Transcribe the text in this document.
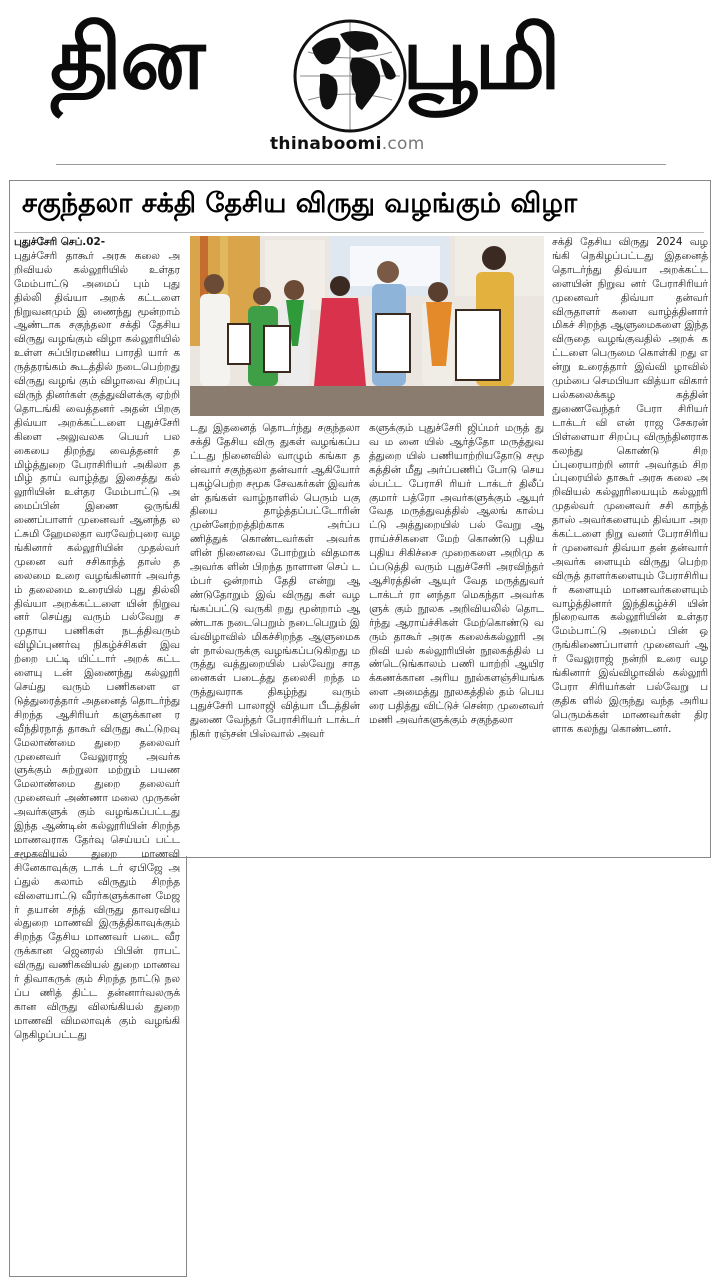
தின பூமி
thinaboomi.com
சகுந்தலா சக்தி தேசிய விருது வழங்கும் விழா
புதுச்சேரி செப்.02-
புதுச்சேரி தாகூர் அரசு கலை அறிவியல் கல்லூரியில் உள்தர மேம்பாட்டு அமைப் பும் புது தில்லி திவ்யா அறக் கட்டளை நிறுவனமும் இ ணைந்து மூன்றாம் ஆண்டாக சகுந்தலா சக்தி தேசிய விருது வழங்கும் விழா கல்லூரியில் உள்ள சுப்பிரமணிய பாரதி யார் கருத்தரங்கம் கூடத்தில் நடைபெற்றது விருது வழங் கும் விழாவை சிறப்பு விருந் தினர்கள் குத்துவிளக்கு ஏற்றி தொடங்கி வைத்தனர் அதன் பிறகு திவ்யா அறக்கட்டளை புதுச்சேரி கிளை அலுவலக பெயர் பலகையை திறந்து வைத்தனர் தமிழ்த்துறை பேராசிரியர் அகிலா தமிழ் தாய் வாழ்த்து இசைத்து கல் லூரியின் உள்தர மேம்பாட்டு அமைப்பின் இணை ஒருங்கி ணைப்பாளர் முனைவர் ஆனந்த லட்சுமி ஹேமலதா வரவேற்புரை வழங்கினார் கல்லூரியின் முதல்வர் முனை வர் சசிகாந்த் தாஸ் தலைமை உரை வழங்கினார் அவர்தம் தலைமை உரையில் புது தில்லி திவ்யா அறக்கட்டளை யின் நிறுவனர் செய்து வரும் பல்வேறு சமுதாய பணிகள் நடத்திவரும் விழிப்புணர்வு நிகழ்ச்சிகள் இவற்றை பட்டி யிட்டார் அறக் கட்டளையு டன் இணைந்து கல்லூரி செய்து வரும் பணிகளை எடுத்துரைத்தார் அதனைத் தொடர்ந்து சிறந்த ஆசிரியர் களுக்கான ரவீந்திரநாத் தாகூர் விருது கூட்டுறவு மேலாண்மை துறை தலைவர் முனைவர் வேலுராஜ் அவர்க ளுக்கும் சுற்றுலா மற்றும் பயண மேலாண்மை துறை தலைவர் முனைவர் அண்ணா மலை முருகன் அவர்களுக் கும் வழங்கப்பட்டது இந்த ஆண்டின் கல்லூரியின் சிறந்த மாணவராக தேர்வு செய்யப் பட்ட சமூகவியல் துறை மாணவி சினேகாவுக்கு டாக் டர் ஏபிஜே அப்துல் கலாம் விருதும் சிறந்த விளையாட்டு வீரர்களுக்கான மேஜர் தயான் சந்த் விருது தாவரவியல்துறை மாணவி இருத்திகாவுக்கும் சிறந்த தேசிய மாணவர் படை வீரருக்கான ஜெனரல் பிபின் ராபட் விருது வணிகவியல் துறை மாணவர் திவாகருக் கும் சிறந்த நாட்டு நலப்ப ணித் திட்ட தன்னார்வலருக் கான விருது விலங்கியல் துறை மாணவி விமலாவுக் கும் வழங்கி நெகிழப்பட்டது
டது இதனைத் தொடர்ந்து சகுந்தலா சக்தி தேசிய விரு துகள் வழங்கப்பட்டது நினைவில் வாழும் கங்கா தன்வார் சகுந்தலா தன்வார் ஆகியோர் புகழ்பெற்ற சமூக சேவகர்கள் இவர்கள் தங்கள் வாழ்நாளில் பெரும் பகு தியை தாழ்த்தப்பட்டோரின் முன்னேற்றத்திற்காக அர்ப்ப ணித்துக் கொண்டவர்கள் அவர்களின் நினைவை போற்றும் விதமாக அவர்க ளின் பிறந்த நாளான செப் டம்பர் ஒன்றாம் தேதி என்று ஆண்டுதோறும் இவ் விருது கள் வழங்கப்பட்டு வருகி றது மூன்றாம் ஆண்டாக நடைபெறும் நடைபெறும் இவ்விழாவில் மிகச்சிறந்த ஆளுமைகள் நால்வருக்கு வழங்கப்படுகிறது மருத்து வத்துறையில் பல்வேறு சாத னைகள் படைத்து தலைசி றந்த மருத்துவராக திகழ்ந்து வரும் புதுச்சேரி பாலாஜி வித்யா பீடத்தின் துணை வேந்தர் பேராசிரியர் டாக்டர் நிகர் ரஞ்சன் பிஸ்வால் அவர்
களுக்கும் புதுச்சேரி ஜிப்மர் மருத் து வ ம னை யில் ஆர்த்தோ மருத்துவத்துறை யில் பணியாற்றியதோடு சமூ கத்தின் மீது அர்ப்பணிப் போடு செயல்பட்ட பேராசி ரியர் டாக்டர் திலீப் குமார் பத்ரோ அவர்களுக்கும் ஆயுர் வேத மருத்துவத்தில் ஆலங் கால்பட்டு அத்துறையில் பல் வேறு ஆராய்ச்சிகளை மேற் கொண்டு புதிய புதிய சிகிச்சை முறைகளை அறிமு கப்படுத்தி வரும் புதுச்சேரி அரவிந்தர் ஆசிரத்தின் ஆயுர் வேத மருத்துவர் டாக்டர் ரா னந்தா மெகந்தா அவர்களுக் கும் நூலக அறிவியலில் தொடர்ந்து ஆராய்ச்சிகள் மேற்கொண்டு வரும் தாகூர் அரசு கலைக்கல்லூரி அறிவி யல் கல்லூரியின் நூலகத்தில் பண்டெடுங்காலம் பணி யாற்றி ஆயிரக்கணக்கான அரிய நூல்களஞ்சியங்களை அமைத்து நூலகத்தில் தம் பெயரை பதித்து விட்டுச் சென்ற முனைவர் மணி அவர்களுக்கும் சகுந்தலா
சக்தி தேசிய விருது 2024 வழங்கி நெகிழப்பட்டது இதனைத் தொடர்ந்து திவ்யா அறக்கட்டளையின் நிறுவ னர் பேராசிரியர் முனைவர் திவ்யா தன்வர் விருதாளர் களை வாழ்த்தினார் மிகச் சிறந்த ஆளுமைகளை இந்த விருதை வழங்குவதில் அறக் கட்டளை பெருமை கொள்கி றது என்று உரைத்தார் இவ்வி ழாவில் மும்பை செமபியா வித்யா விகார் பல்கலைக்கழ கத்தின் துணைவேந்தர் பேரா சிரியர் டாக்டர் வி என் ராஜ சேகரன் பிள்ளையா சிறப்பு விருந்தினராக கலந்து கொண்டு சிறப்புரையாற்றி னார் அவர்தம் சிறப்புரையில் தாகூர் அரசு கலை அறிவியல் கல்லூரியையும் கல்லூரி முதல்வர் முனைவர் சசி காந்த் தாஸ் அவர்களையும் திவ்யா அறக்கட்டளை நிறு வனர் பேராசிரியர் முனைவர் திவ்யா தன் தன்வார் அவர்க ளையும் விருது பெற்ற விருத் தாளர்களையும் பேராசிரியர் களையும் மாணவர்களையும் வாழ்த்தினார் இந்திகழ்ச்சி யின் நிறைவாக கல்லூரியின் உள்தர மேம்பாட்டு அமைப் பின் ஒருங்கிணைப்பாளர் முனைவர் ஆர் வேலுராஜ் நன்றி உரை வழங்கினார் இவ்விழாவில் கல்லூரி பேரா சிரியர்கள் பல்வேறு பகுதிக ளில் இருந்து வந்த அரிய பெருமக்கள் மாணவர்கள் திரளாக கலந்து கொண்டனர்.
